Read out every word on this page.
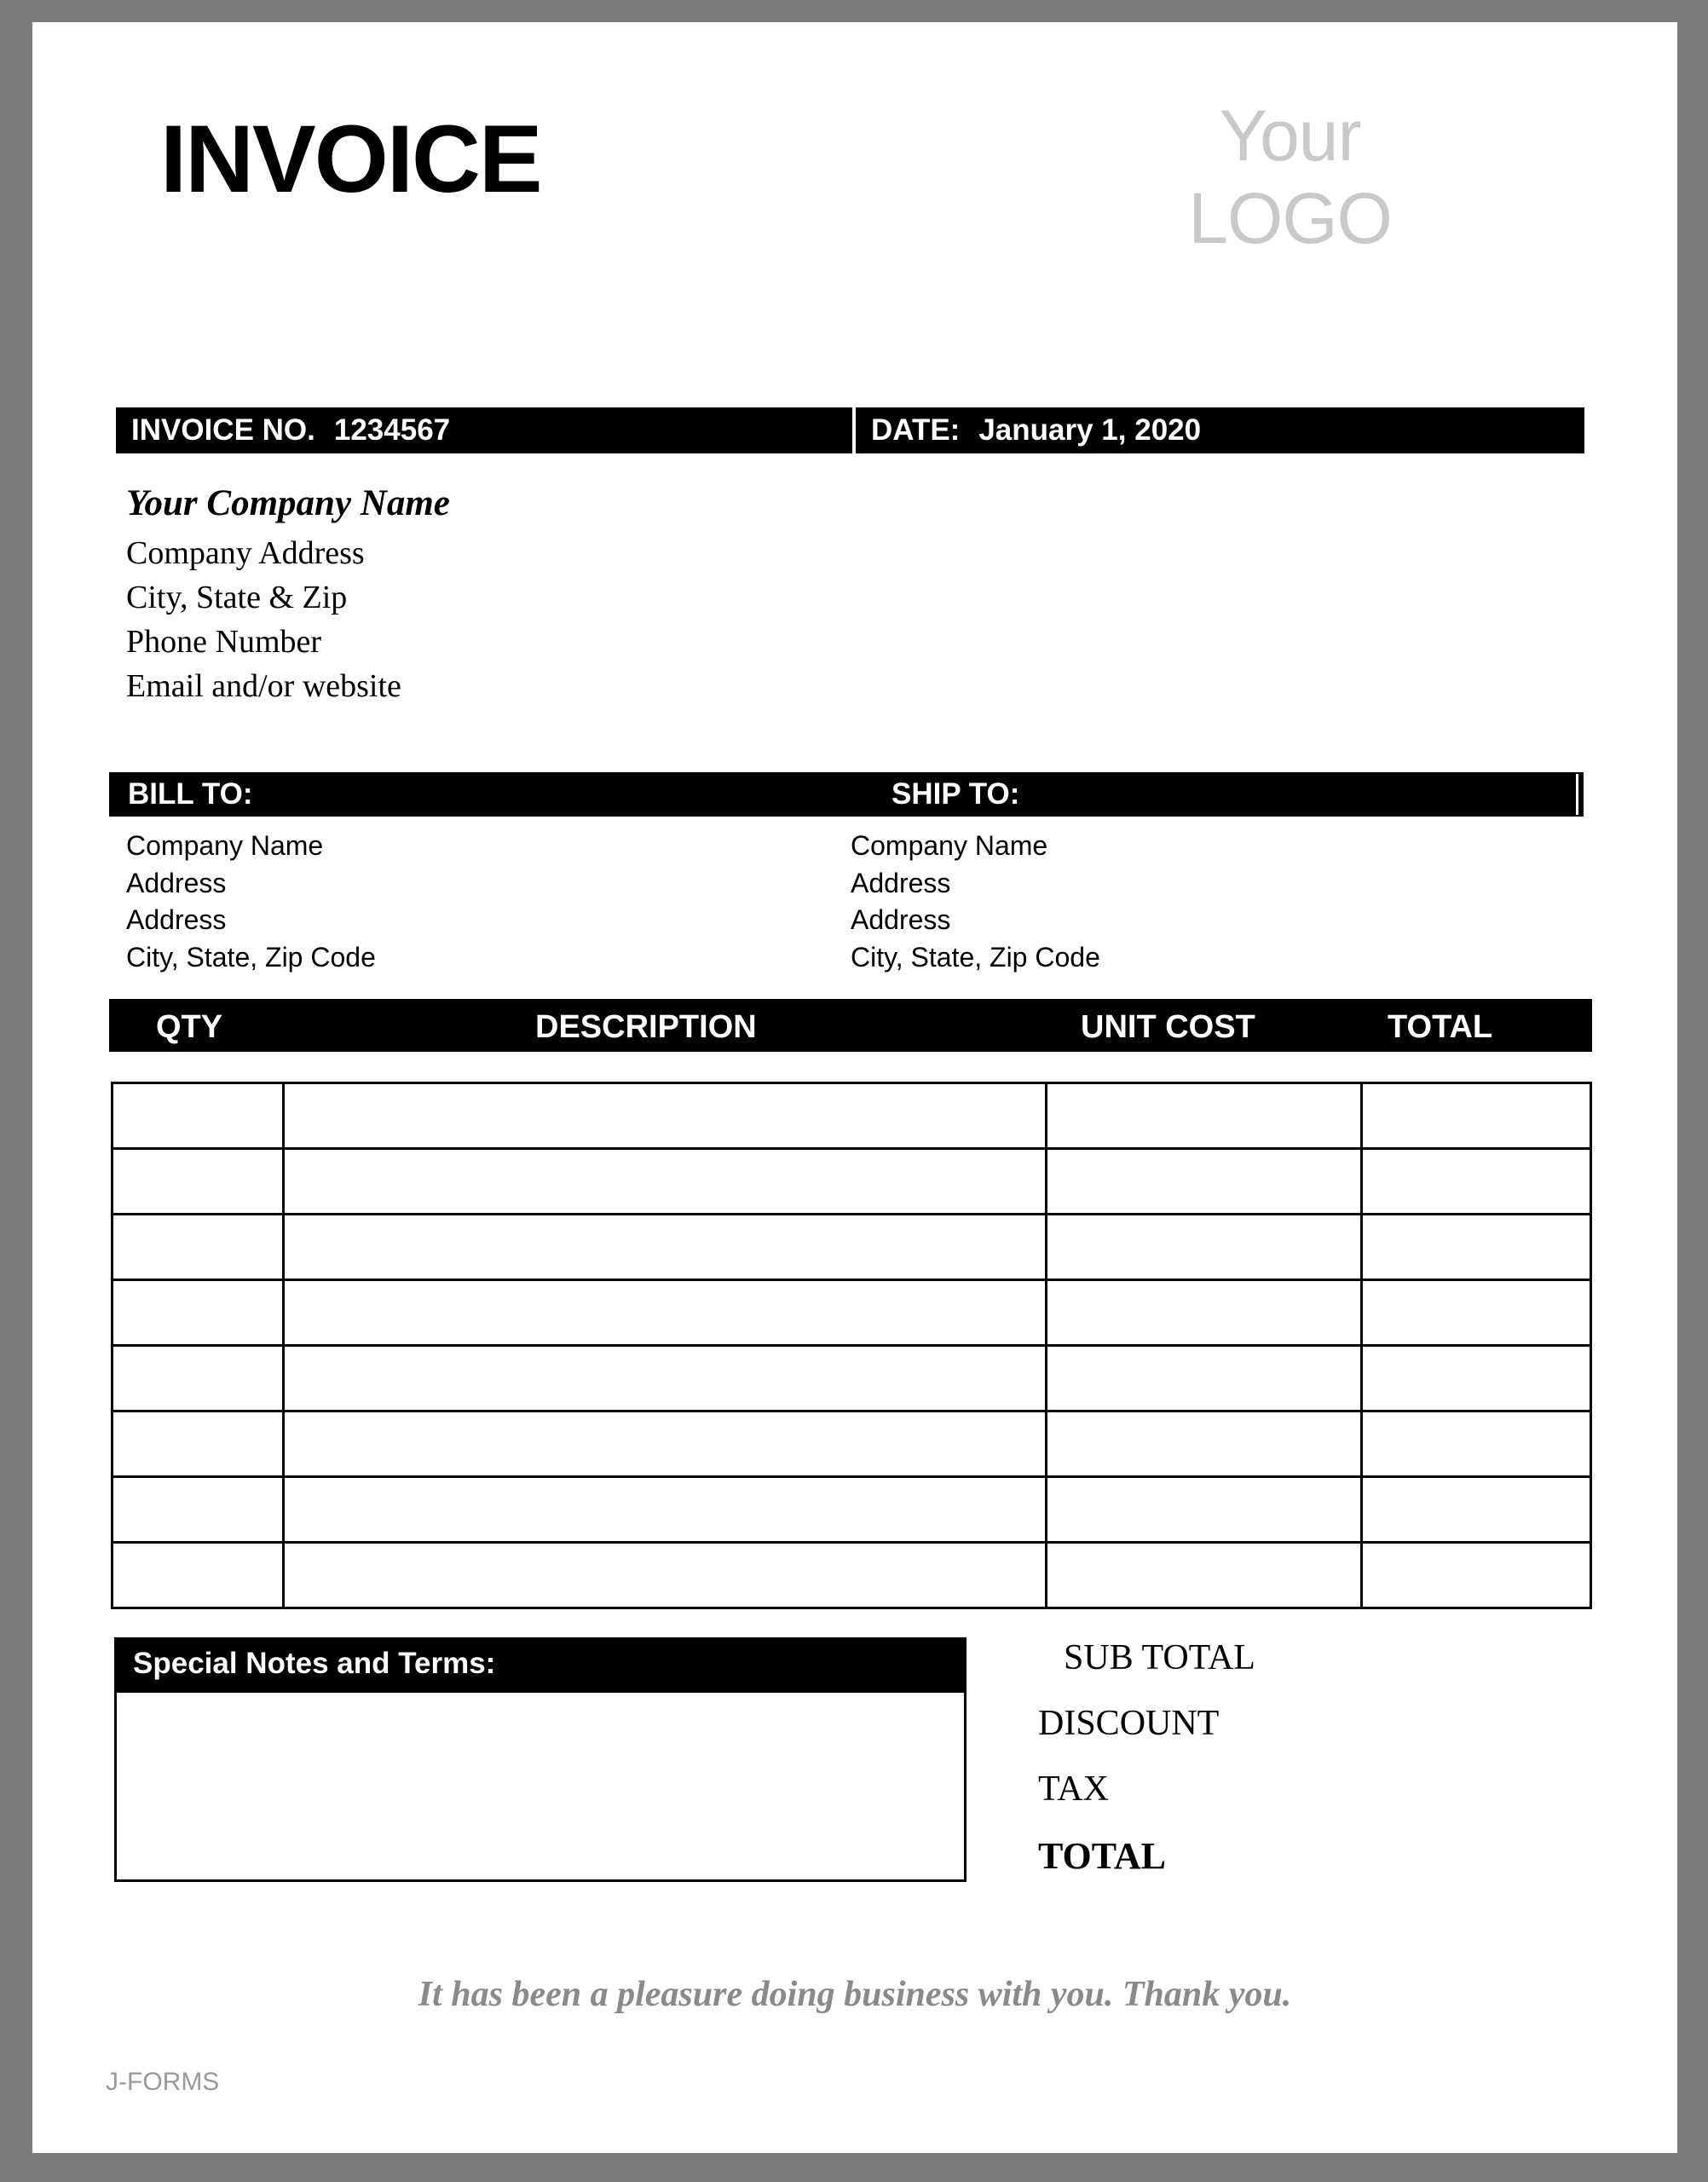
INVOICE	Your
LOGO
INVOICE NO. 1234567	DATE: January 1, 2020
Your Company Name
Company Address
City, State & Zip
Phone Number
Email and/or website
BILL TO:	SHIP TO:
Company Name
Address
Address
City, State, Zip Code
Company Name
Address
Address
City, State, Zip Code
QTY	DESCRIPTION	UNIT COST	TOTAL

Special Notes and Terms:	SUB TOTAL
DISCOUNT
TAX
TOTAL
It has been a pleasure doing business with you. Thank you.
J-FORMS
